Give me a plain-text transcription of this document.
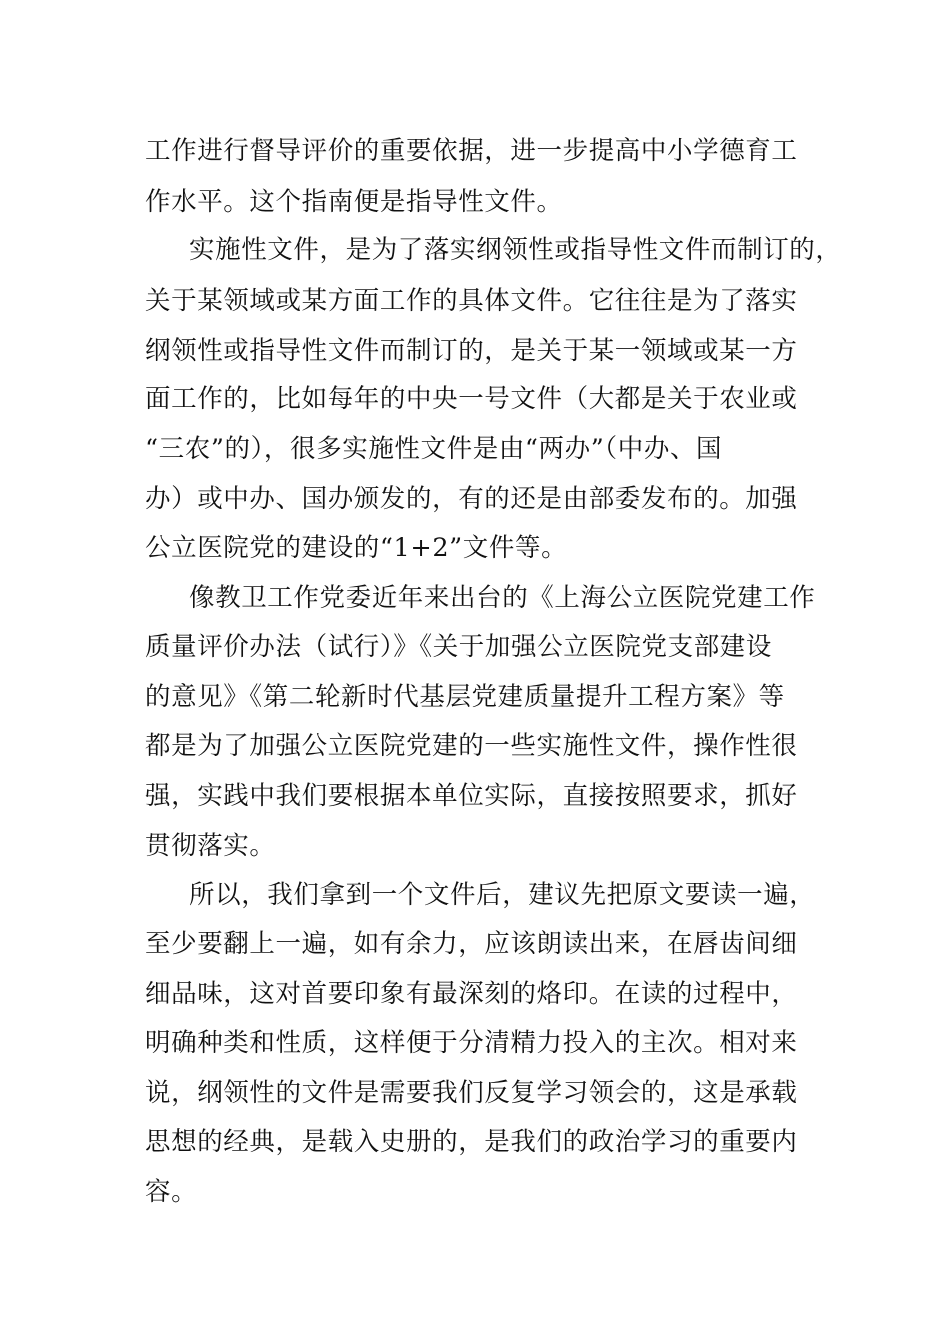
工作进行督导评价的重要依据，进一步提高中小学德育工
作水平。这个指南便是指导性文件。
实施性文件，是为了落实纲领性或指导性文件而制订的，
关于某领域或某方面工作的具体文件。它往往是为了落实
纲领性或指导性文件而制订的，是关于某一领域或某一方
面工作的，比如每年的中央一号文件（大都是关于农业或
“三农”的），很多实施性文件是由“两办”（中办、国
办）或中办、国办颁发的，有的还是由部委发布的。加强
公立医院党的建设的“1+2”文件等。
像教卫工作党委近年来出台的《上海公立医院党建工作
质量评价办法（试行）》《关于加强公立医院党支部建设
的意见》《第二轮新时代基层党建质量提升工程方案》等
都是为了加强公立医院党建的一些实施性文件，操作性很
强，实践中我们要根据本单位实际，直接按照要求，抓好
贯彻落实。
所以，我们拿到一个文件后，建议先把原文要读一遍，
至少要翻上一遍，如有余力，应该朗读出来，在唇齿间细
细品味，这对首要印象有最深刻的烙印。在读的过程中，
明确种类和性质，这样便于分清精力投入的主次。相对来
说，纲领性的文件是需要我们反复学习领会的，这是承载
思想的经典，是载入史册的，是我们的政治学习的重要内
容。
